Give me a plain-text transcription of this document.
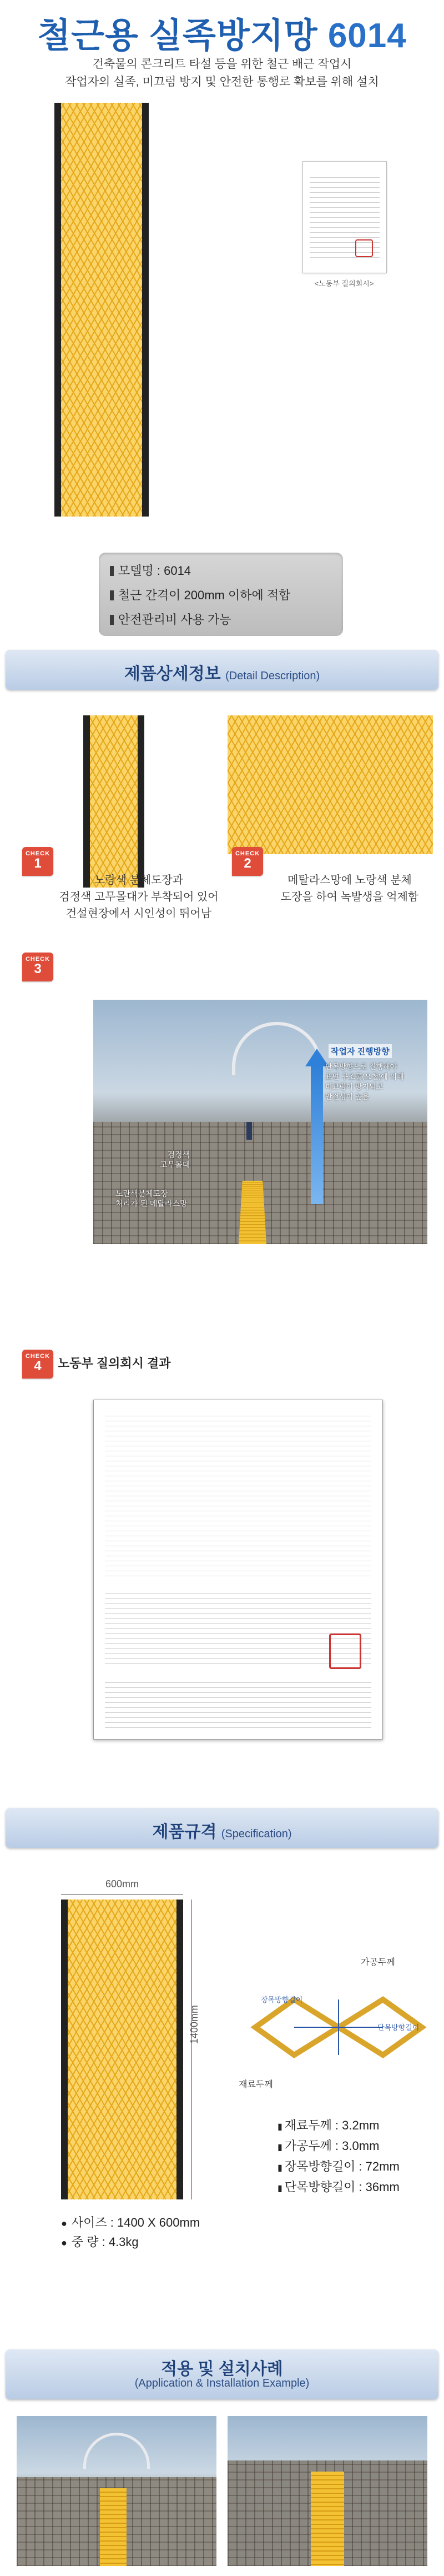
철근용 실족방지망 6014
건축물의 콘크리트 타설 등을 위한 철근 배근 작업시
작업자의 실족, 미끄럼 방지 및 안전한 통행로 확보를 위해 설치
<노동부 질의회시>
모델명 : 6014
철근 간격이 200mm 이하에 적합
안전관리비 사용 가능
제품상세정보 (Detail Description)
CHECK
1
노랑색 분체도장과
검정색 고무몰대가 부착되어 있어
건설현장에서 시인성이 뛰어남
CHECK
2
메탈라스망에 노랑색 분체
도장을 하여 녹발생을 억제함
CHECK
3
작업자 진행방향
단목방향으로 진행해야
표면 구조물(요철)에 의해
미끄럼이 방지되고
안전성이 높음
검정색
고무몰대
노란색분체도장
처리가 된 메탈라스망
CHECK
4	노동부 질의회시 결과
제품규격 (Specification)
600mm
1400mm
가공두께
장목방향길이
단목방향길이
재료두께
▮ 재료두께 : 3.2mm
▮ 가공두께 : 3.0mm
▮ 장목방향길이 : 72mm
▮ 단목방향길이 : 36mm
● 사이즈 : 1400 X 600mm
● 중 량 : 4.3kg
적용 및 설치사례
(Application & Installation Example)
